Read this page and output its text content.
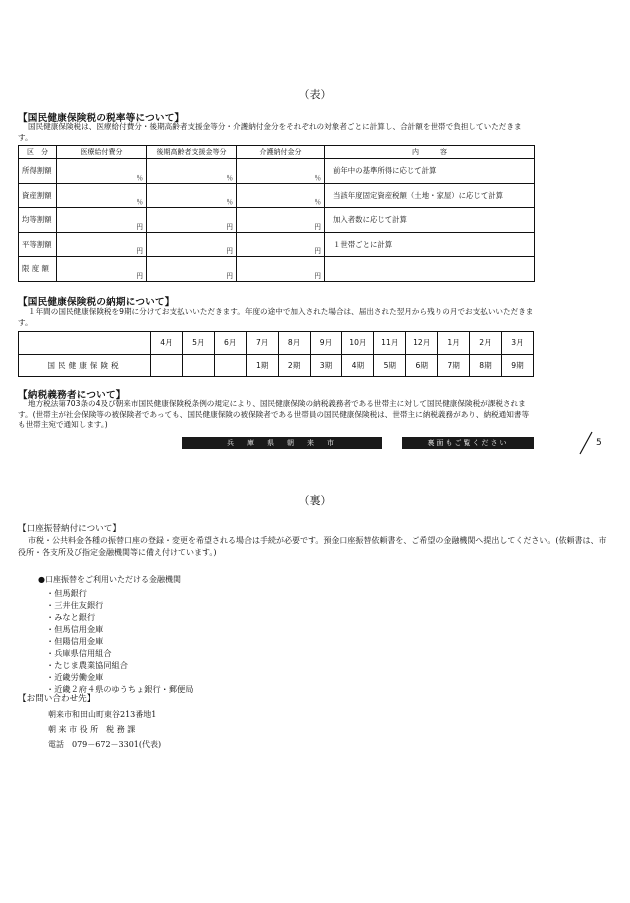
（表）
【国民健康保険税の税率等について】
国民健康保険税は、医療給付費分・後期高齢者支援金等分・介護納付金分をそれぞれの対象者ごとに計算し、合計額を世帯で負担していただきます。
区　分	医療給付費分	後期高齢者支援金等分	介護納付金分	内　　　容
所得割額	％	％	％	前年中の基準所得に応じて計算
資産割額	％	％	％	当該年度固定資産税額（土地・家屋）に応じて計算
均等割額	円	円	円	加入者数に応じて計算
平等割額	円	円	円	１世帯ごとに計算
限 度 額	円	円	円	
【国民健康保険税の納期について】
１年間の国民健康保険税を9期に分けてお支払いいただきます。年度の途中で加入された場合は、届出された翌月から残りの月でお支払いいただきます。
	4月	5月	6月	7月	8月	9月	10月	11月	12月	1月	2月	3月
国民健康保険税				1期	2期	3期	4期	5期	6期	7期	8期	9期
【納税義務者について】
地方税法第703条の4及び朝来市国民健康保険税条例の規定により、国民健康保険の納税義務者である世帯主に対して国民健康保険税が課税されます。(世帯主が社会保険等の被保険者であっても、国民健康保険の被保険者である世帯員の国民健康保険税は、世帯主に納税義務があり、納税通知書等も世帯主宛で通知します。)
兵　庫　県　朝　来　市	裏面もご覧ください	5
（裏）
【口座振替納付について】
市税・公共料金各種の振替口座の登録・変更を希望される場合は手続が必要です。預金口座振替依頼書を、ご希望の金融機関へ提出してください。(依頼書は、市役所・各支所及び指定金融機関等に備え付けています。)
●口座振替をご利用いただける金融機関
・但馬銀行
・三井住友銀行
・みなと銀行
・但馬信用金庫
・但陽信用金庫
・兵庫県信用組合
・たじま農業協同組合
・近畿労働金庫
・近畿２府４県のゆうちょ銀行・郵便局
【お問い合わせ先】
朝来市和田山町東谷213番地1
朝 来 市 役 所　税 務 課
電話　079－672－3301(代表)
